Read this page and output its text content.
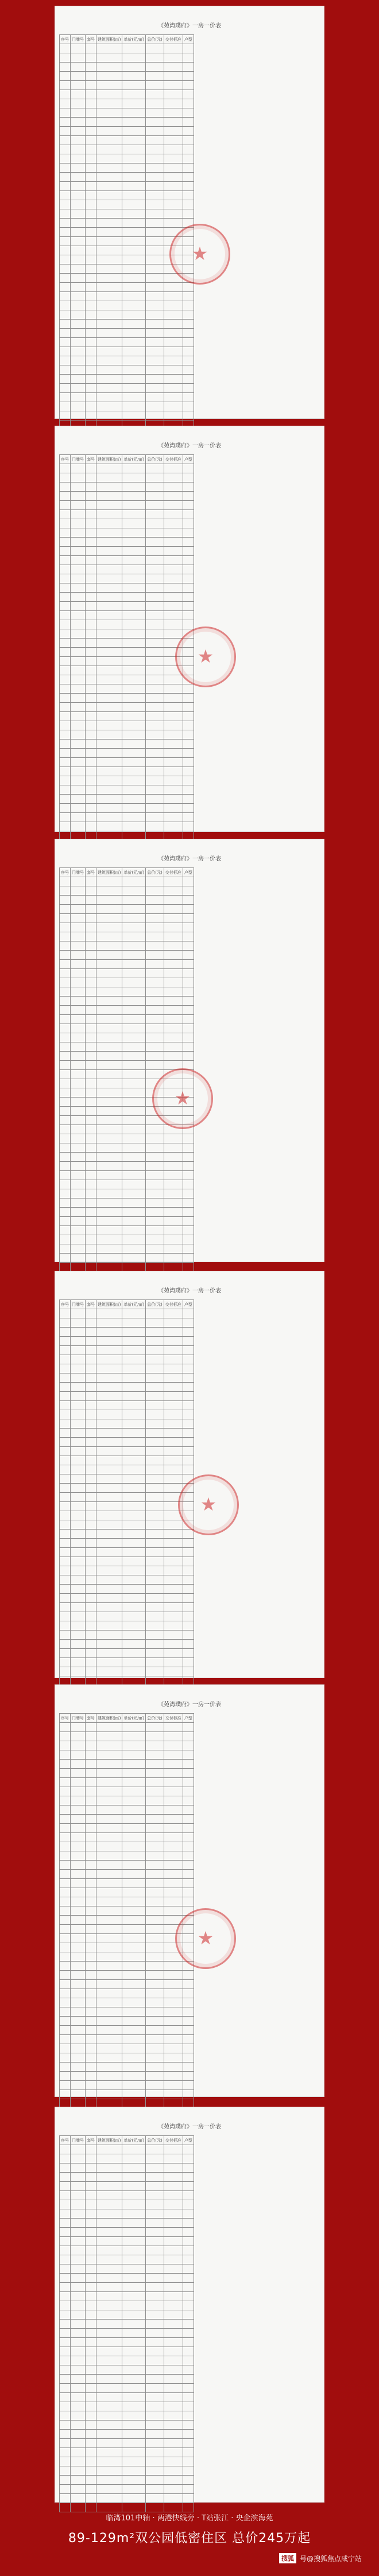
《苑湾璞府》一房一价表
序号	门牌号	套号	建筑面积(㎡)	单价(元/㎡)	总价(元)	交付标准	户型

★
《苑湾璞府》一房一价表
序号	门牌号	套号	建筑面积(㎡)	单价(元/㎡)	总价(元)	交付标准	户型

★
《苑湾璞府》一房一价表
序号	门牌号	套号	建筑面积(㎡)	单价(元/㎡)	总价(元)	交付标准	户型

★
《苑湾璞府》一房一价表
序号	门牌号	套号	建筑面积(㎡)	单价(元/㎡)	总价(元)	交付标准	户型

★
《苑湾璞府》一房一价表
序号	门牌号	套号	建筑面积(㎡)	单价(元/㎡)	总价(元)	交付标准	户型

★
《苑湾璞府》一房一价表
序号	门牌号	套号	建筑面积(㎡)	单价(元/㎡)	总价(元)	交付标准	户型

临湾101中轴 · 两港快线旁 · T站张江 · 央企滨海苑
89-129m²双公园低密住区 总价245万起
搜狐 号@搜狐焦点咸宁站
